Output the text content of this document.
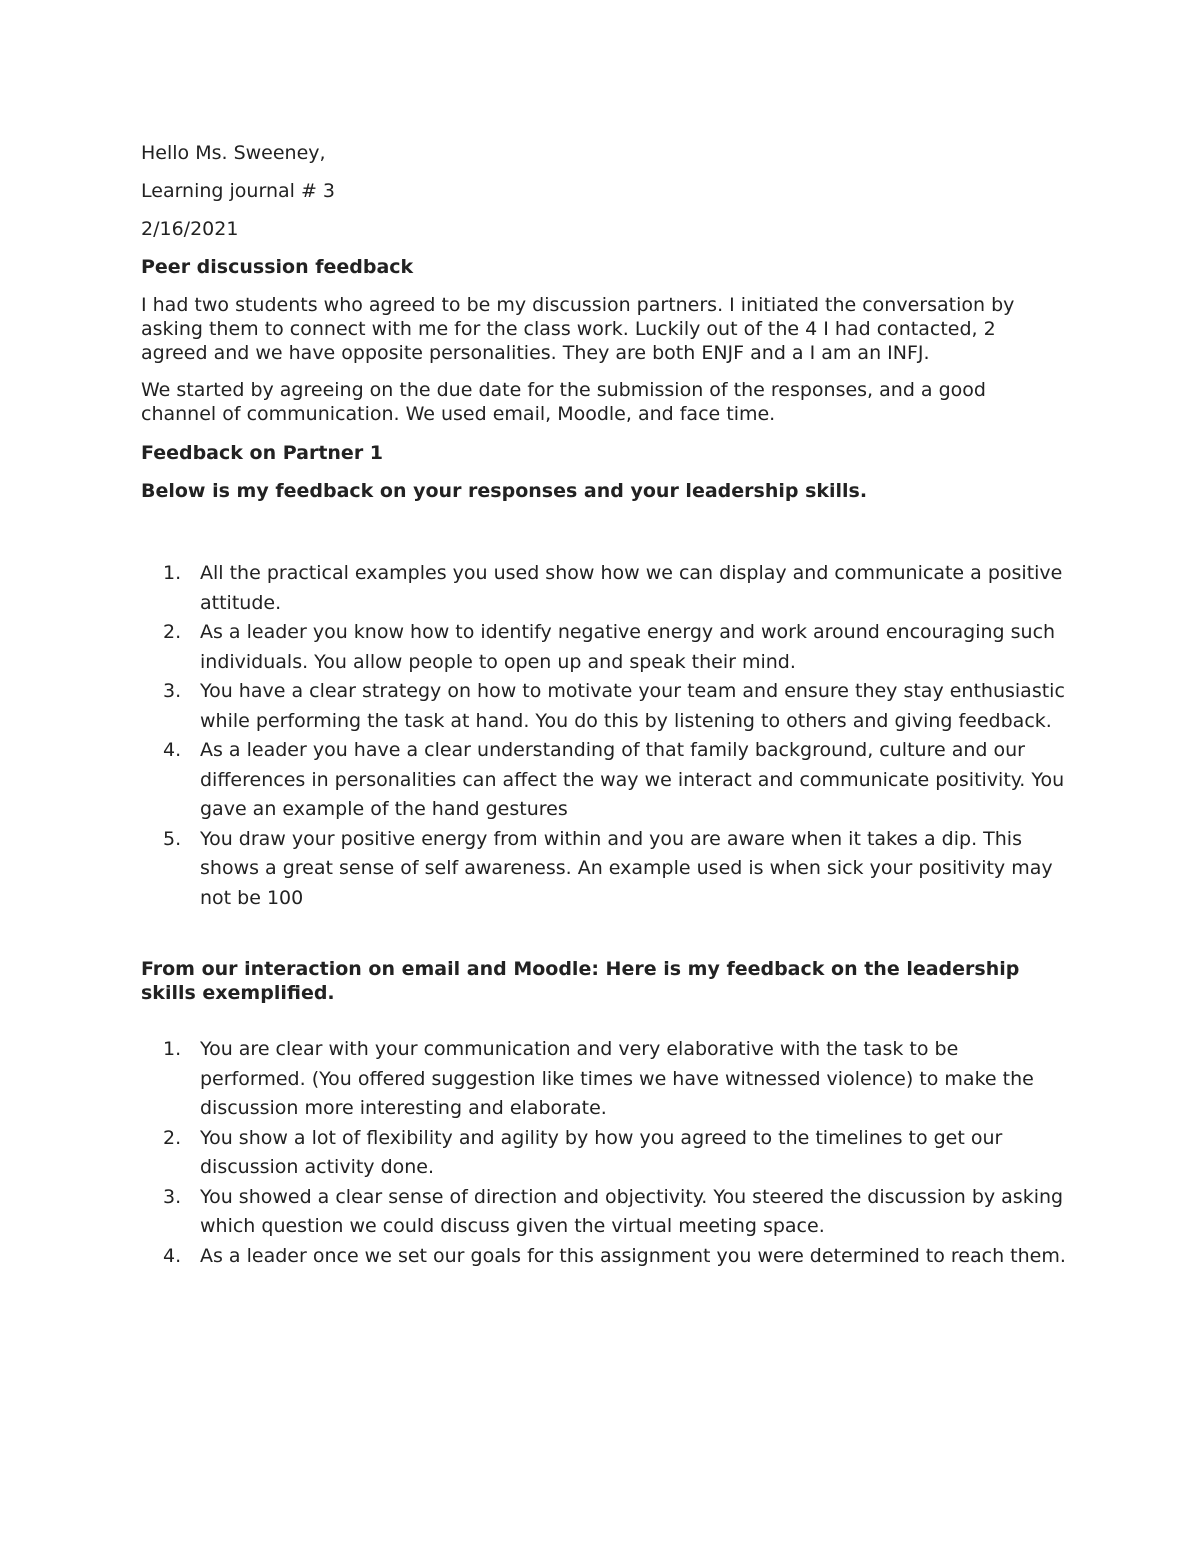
Hello Ms. Sweeney,

Learning journal # 3

2/16/2021

Peer discussion feedback

I had two students who agreed to be my discussion partners. I initiated the conversation by asking them to connect with me for the class work. Luckily out of the 4 I had contacted, 2 agreed and we have opposite personalities. They are both ENJF and a I am an INFJ.

We started by agreeing on the due date for the submission of the responses, and a good channel of communication. We used email, Moodle, and face time.

Feedback on Partner 1

Below is my feedback on your responses and your leadership skills.

1. All the practical examples you used show how we can display and communicate a positive attitude.
2. As a leader you know how to identify negative energy and work around encouraging such individuals. You allow people to open up and speak their mind.
3. You have a clear strategy on how to motivate your team and ensure they stay enthusiastic while performing the task at hand. You do this by listening to others and giving feedback.
4. As a leader you have a clear understanding of that family background, culture and our differences in personalities can affect the way we interact and communicate positivity. You gave an example of the hand gestures
5. You draw your positive energy from within and you are aware when it takes a dip. This shows a great sense of self awareness. An example used is when sick your positivity may not be 100

From our interaction on email and Moodle: Here is my feedback on the leadership skills exemplified.

1. You are clear with your communication and very elaborative with the task to be performed. (You offered suggestion like times we have witnessed violence) to make the discussion more interesting and elaborate.
2. You show a lot of flexibility and agility by how you agreed to the timelines to get our discussion activity done.
3. You showed a clear sense of direction and objectivity. You steered the discussion by asking which question we could discuss given the virtual meeting space.
4. As a leader once we set our goals for this assignment you were determined to reach them.
